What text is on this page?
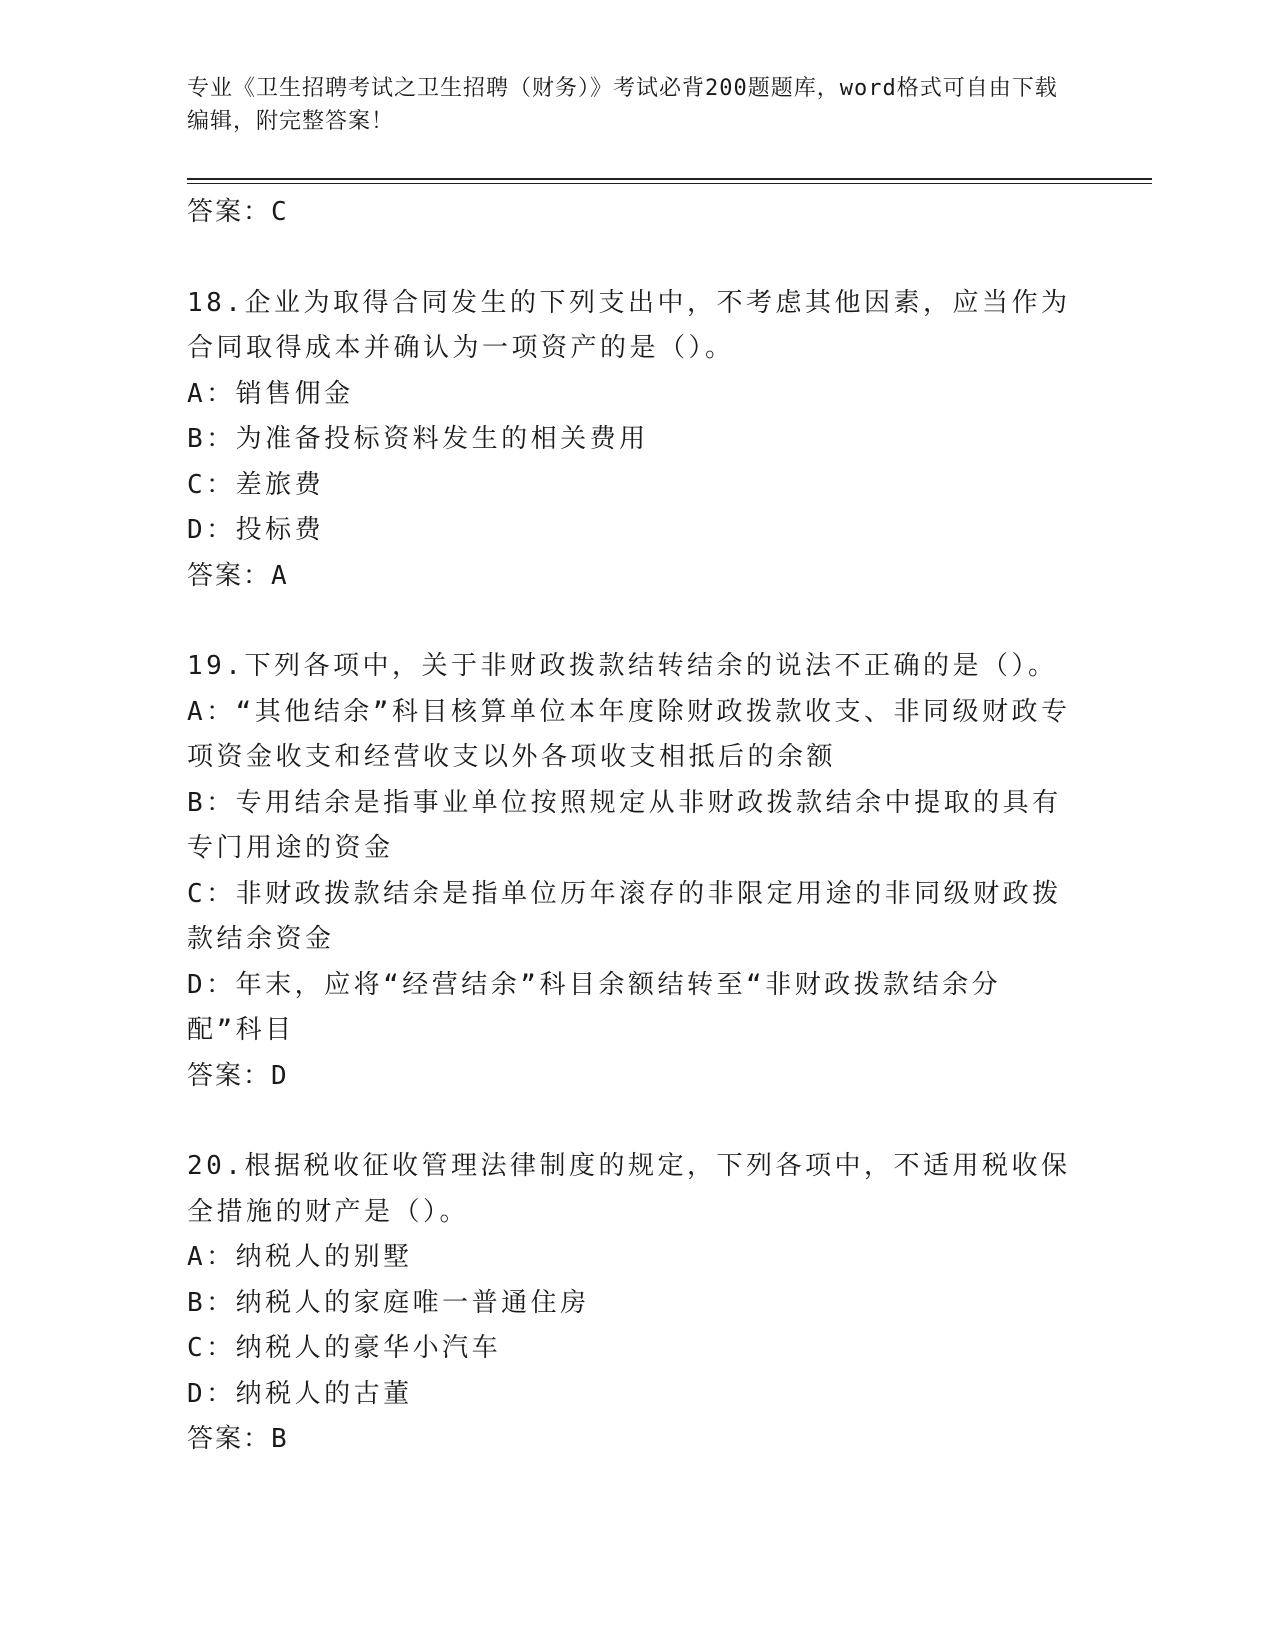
专业《卫生招聘考试之卫生招聘（财务）》考试必背200题题库，word格式可自由下载编辑，附完整答案！

答案：C

18.企业为取得合同发生的下列支出中，不考虑其他因素，应当作为合同取得成本并确认为一项资产的是（）。

A：销售佣金

B：为准备投标资料发生的相关费用

C：差旅费

D：投标费

答案：A

19.下列各项中，关于非财政拨款结转结余的说法不正确的是（）。

A：“其他结余”科目核算单位本年度除财政拨款收支、非同级财政专项资金收支和经营收支以外各项收支相抵后的余额

B：专用结余是指事业单位按照规定从非财政拨款结余中提取的具有专门用途的资金

C：非财政拨款结余是指单位历年滚存的非限定用途的非同级财政拨款结余资金

D：年末，应将“经营结余”科目余额结转至“非财政拨款结余分配”科目

答案：D

20.根据税收征收管理法律制度的规定，下列各项中，不适用税收保全措施的财产是（）。

A：纳税人的别墅

B：纳税人的家庭唯一普通住房

C：纳税人的豪华小汽车

D：纳税人的古董

答案：B
